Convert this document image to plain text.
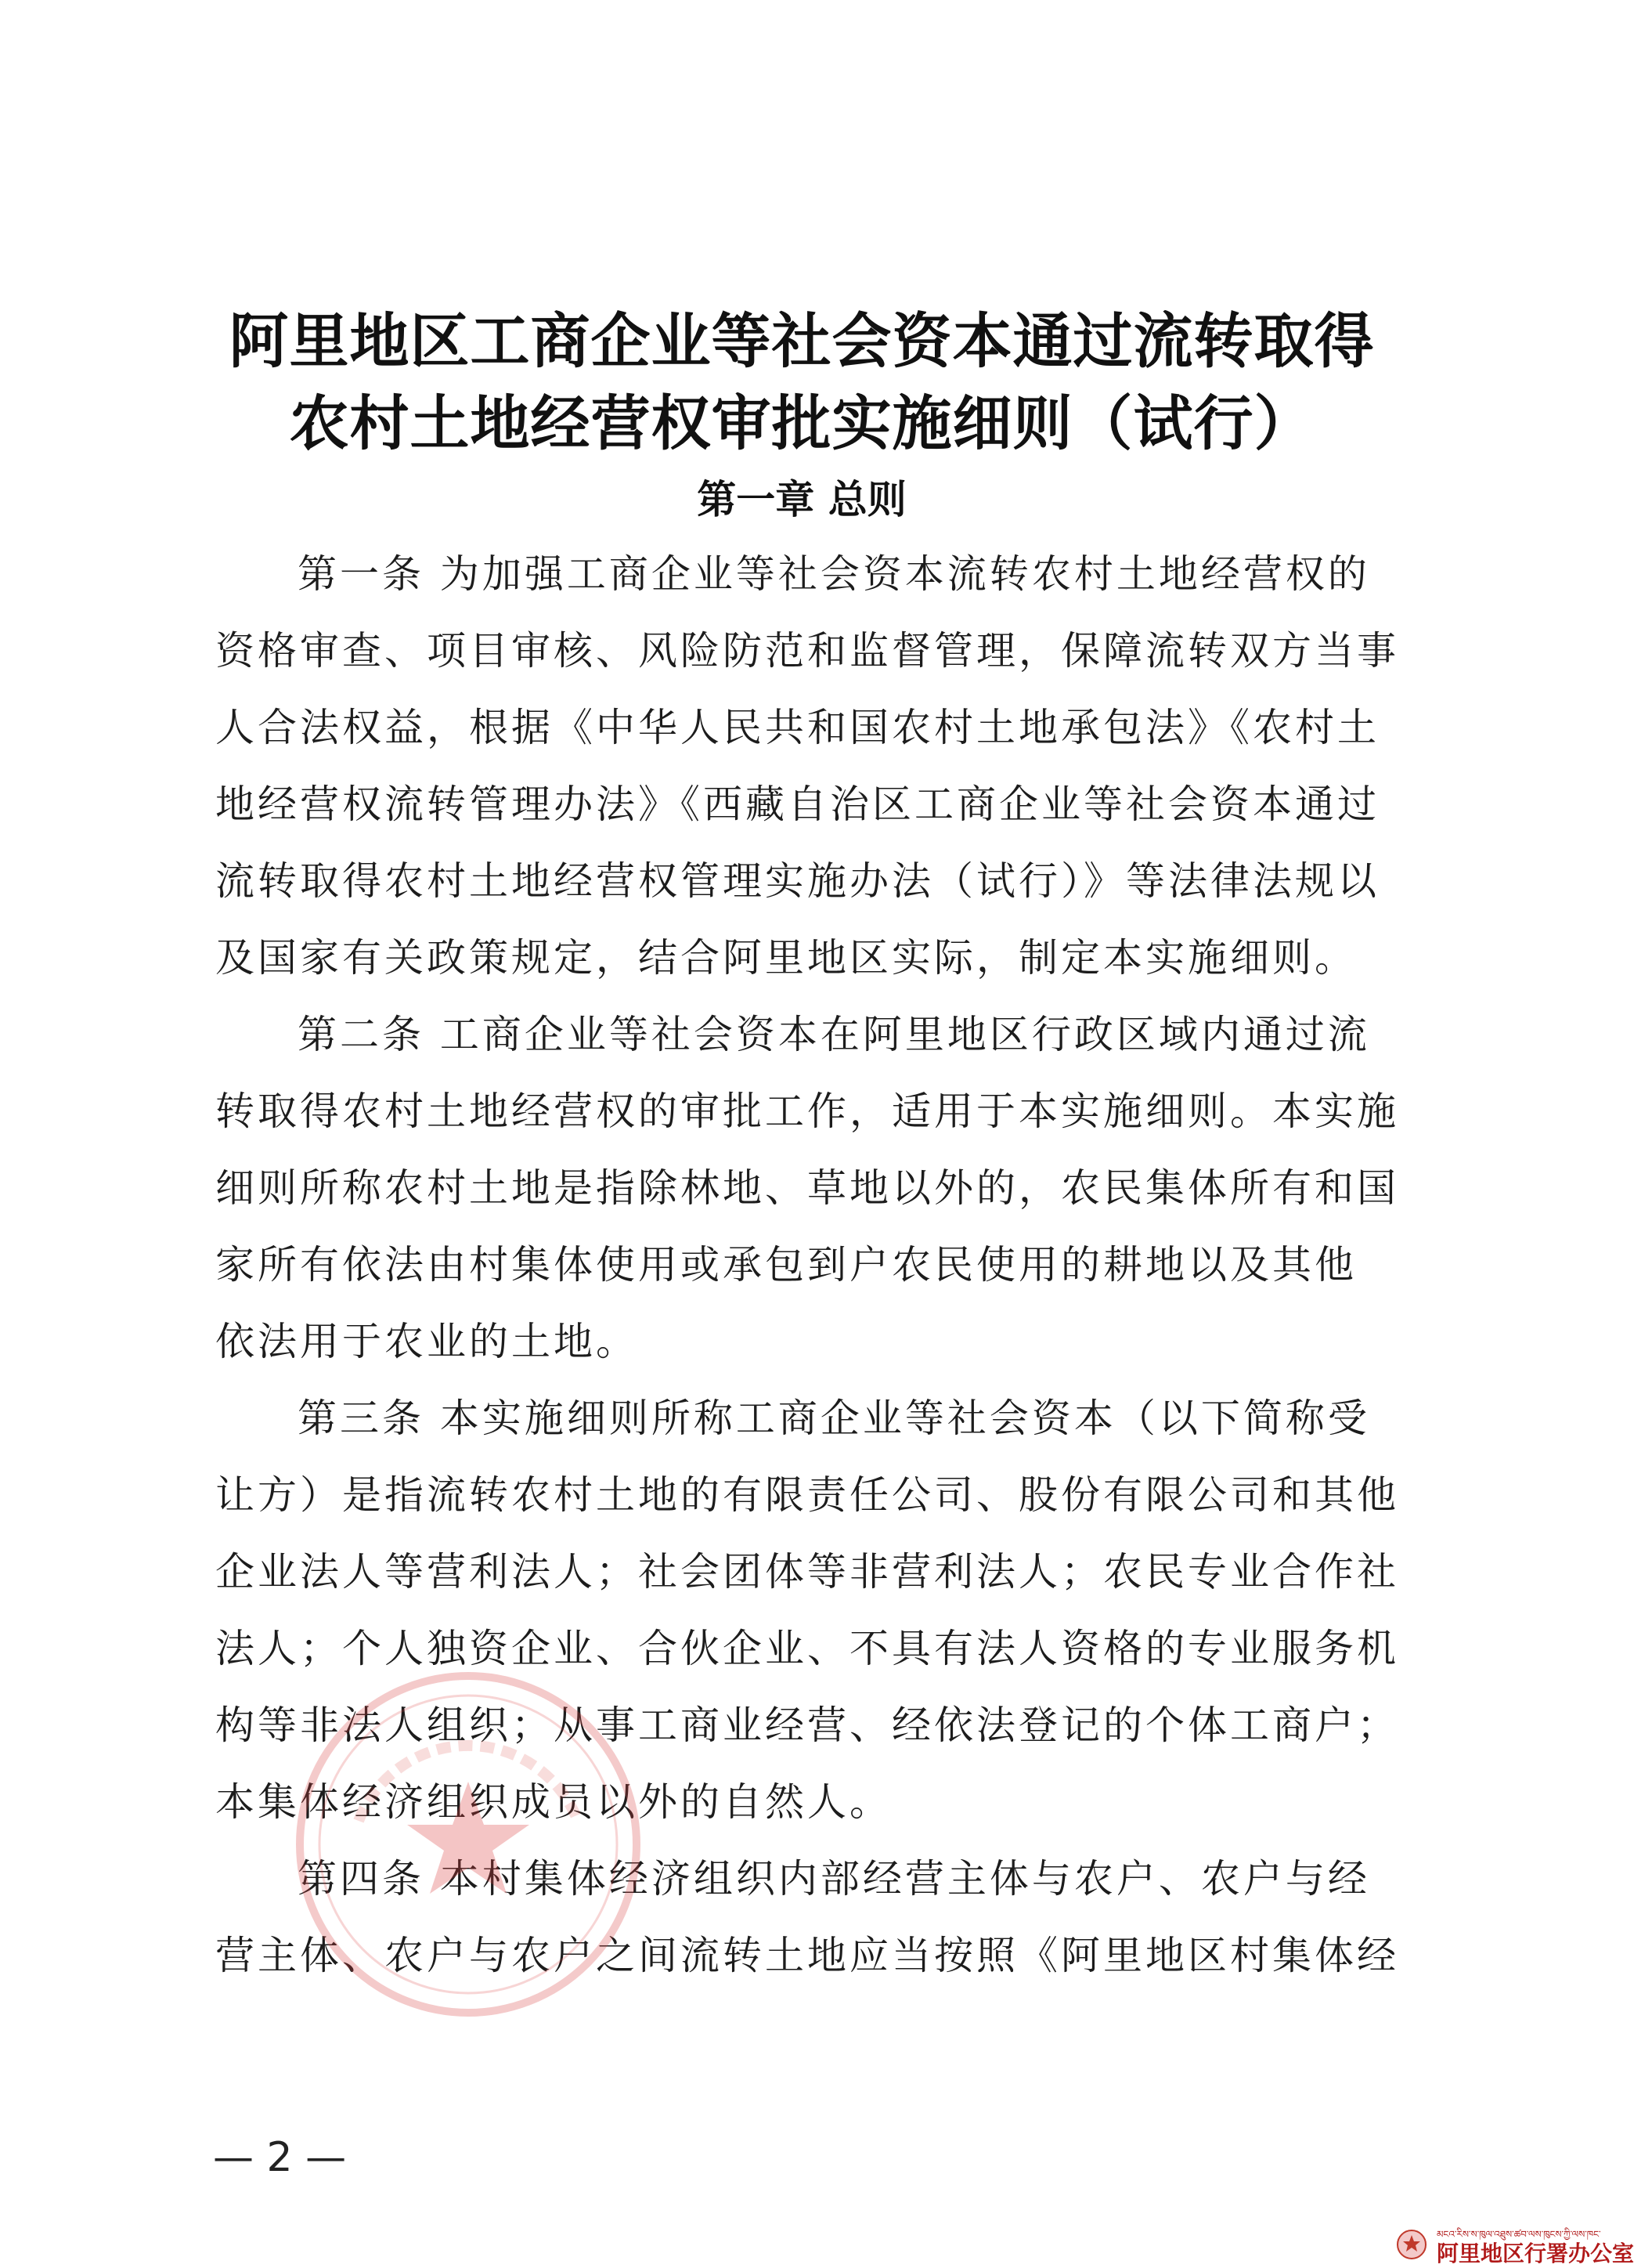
阿里地区工商企业等社会资本通过流转取得
农村土地经营权审批实施细则（试行）
第一章 总则
第一条 为加强工商企业等社会资本流转农村土地经营权的
资格审查、项目审核、风险防范和监督管理，保障流转双方当事
人合法权益，根据《中华人民共和国农村土地承包法》《农村土
地经营权流转管理办法》《西藏自治区工商企业等社会资本通过
流转取得农村土地经营权管理实施办法（试行）》等法律法规以
及国家有关政策规定，结合阿里地区实际，制定本实施细则。
第二条 工商企业等社会资本在阿里地区行政区域内通过流
转取得农村土地经营权的审批工作，适用于本实施细则。本实施
细则所称农村土地是指除林地、草地以外的，农民集体所有和国
家所有依法由村集体使用或承包到户农民使用的耕地以及其他
依法用于农业的土地。
第三条 本实施细则所称工商企业等社会资本（以下简称受
让方）是指流转农村土地的有限责任公司、股份有限公司和其他
企业法人等营利法人；社会团体等非营利法人；农民专业合作社
法人；个人独资企业、合伙企业、不具有法人资格的专业服务机
构等非法人组织；从事工商业经营、经依法登记的个体工商户；
本集体经济组织成员以外的自然人。
第四条 本村集体经济组织内部经营主体与农户、农户与经
营主体、农户与农户之间流转土地应当按照《阿里地区村集体经
— 2 —
མངའ་རིས་ས་ཁུལ་འཐུས་ཚབ་ལས་ཁུངས་ཀྱི་ལས་ཁང་
阿里地区行署办公室
